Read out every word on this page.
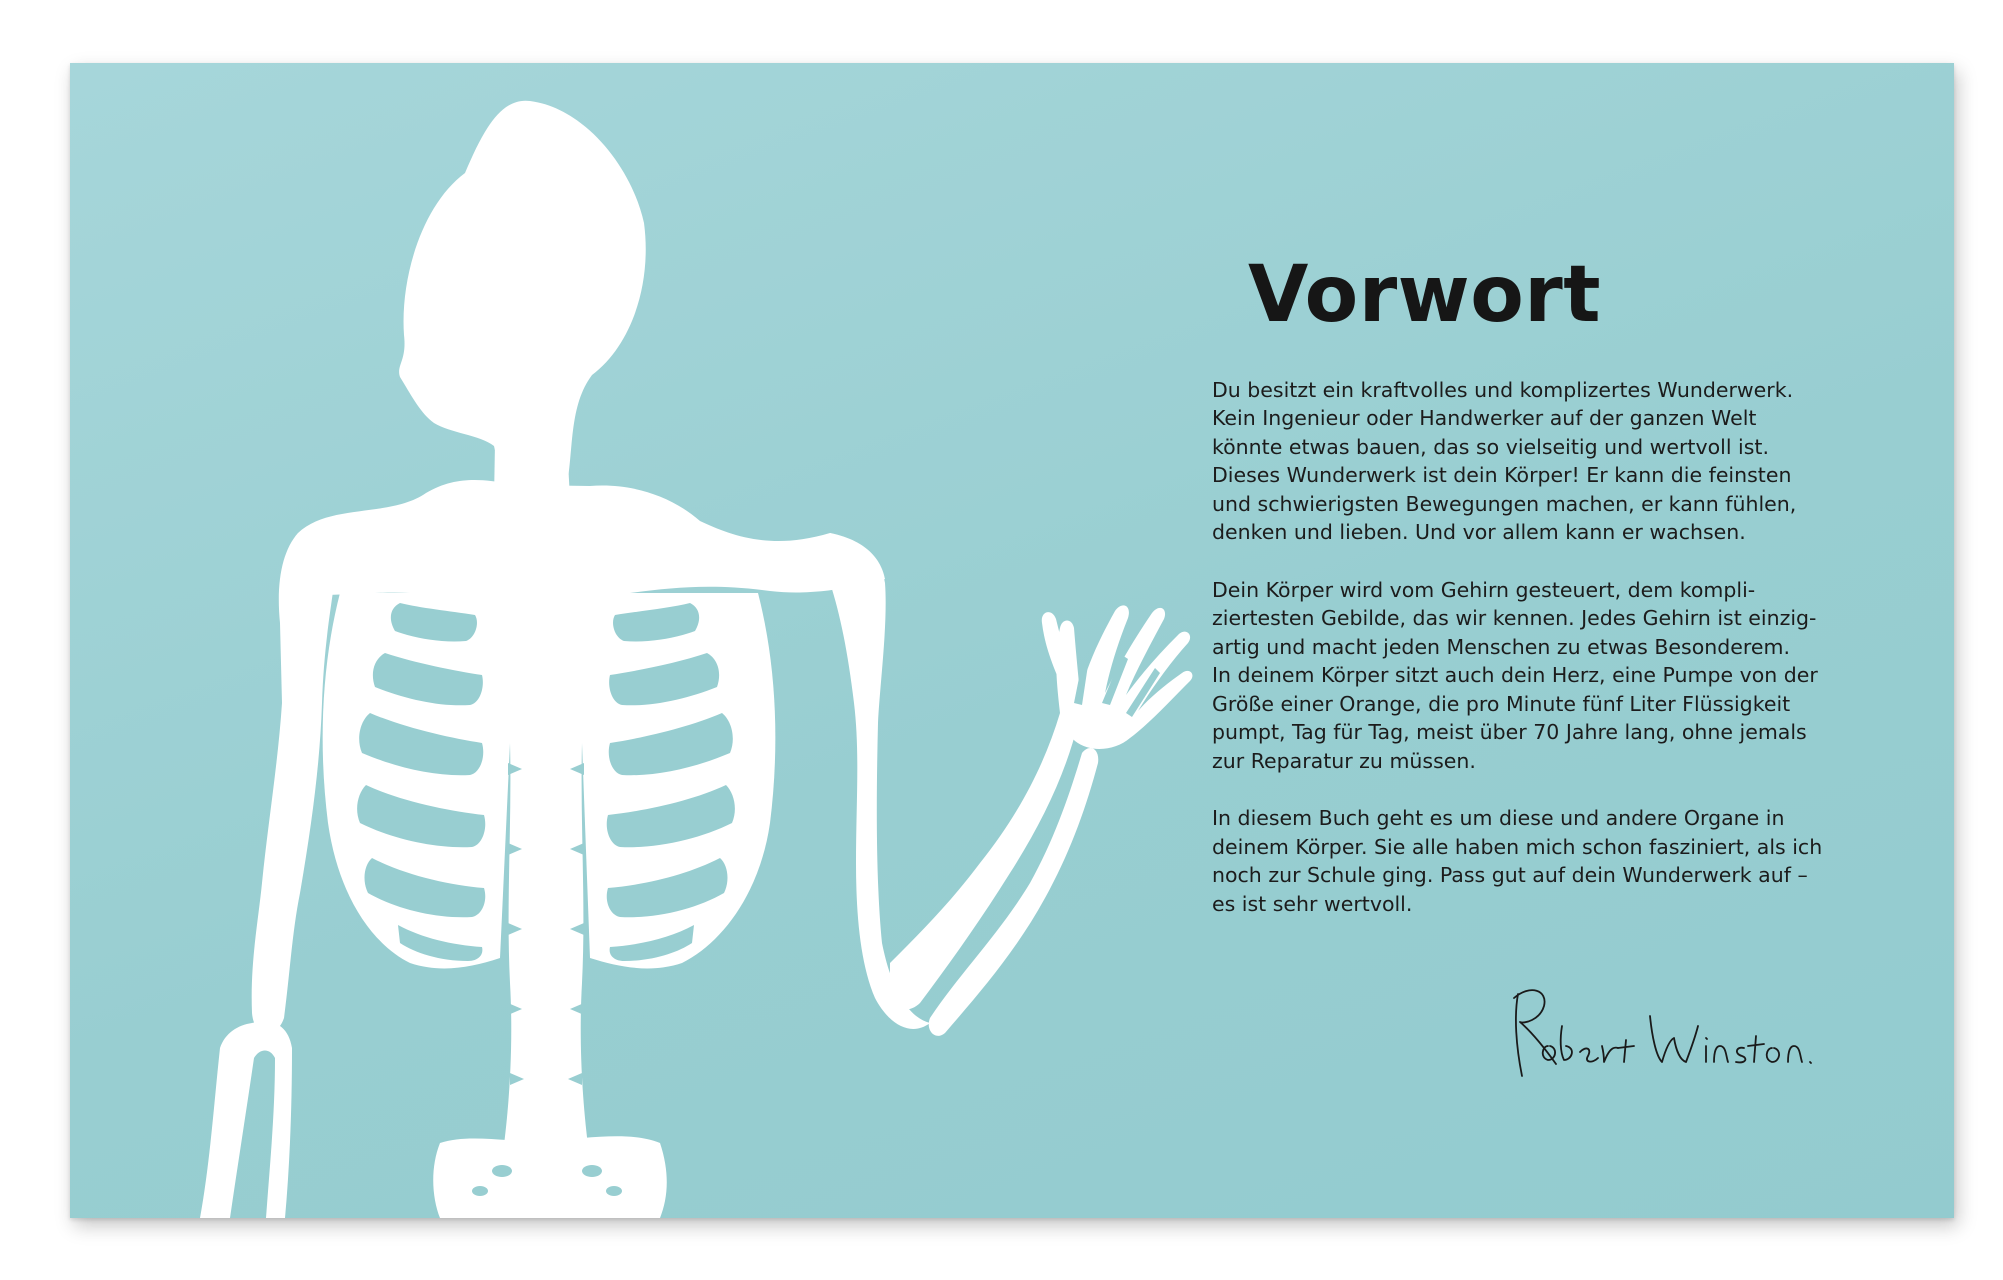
Vorwort

Du besitzt ein kraftvolles und komplizertes Wunderwerk.
Kein Ingenieur oder Handwerker auf der ganzen Welt
könnte etwas bauen, das so vielseitig und wertvoll ist.
Dieses Wunderwerk ist dein Körper! Er kann die feinsten
und schwierigsten Bewegungen machen, er kann fühlen,
denken und lieben. Und vor allem kann er wachsen.

Dein Körper wird vom Gehirn gesteuert, dem kompli-
ziertesten Gebilde, das wir kennen. Jedes Gehirn ist einzig-
artig und macht jeden Menschen zu etwas Besonderem.
In deinem Körper sitzt auch dein Herz, eine Pumpe von der
Größe einer Orange, die pro Minute fünf Liter Flüssigkeit
pumpt, Tag für Tag, meist über 70 Jahre lang, ohne jemals
zur Reparatur zu müssen.

In diesem Buch geht es um diese und andere Organe in
deinem Körper. Sie alle haben mich schon fasziniert, als ich
noch zur Schule ging. Pass gut auf dein Wunderwerk auf –
es ist sehr wertvoll.
